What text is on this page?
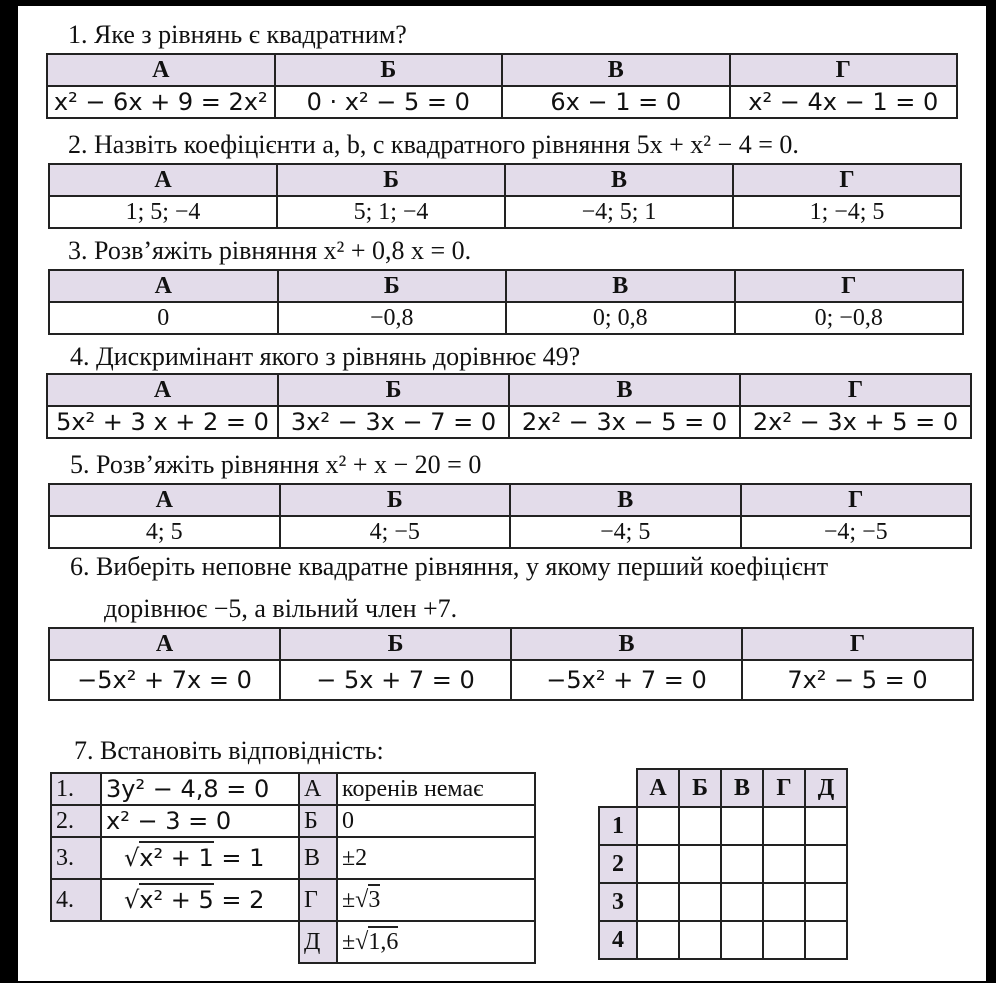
1. Яке з рівнянь є квадратним?
А	Б	В	Г
x² − 6x + 9 = 2x²	0 · x² − 5 = 0	6x − 1 = 0	x² − 4x − 1 = 0
2. Назвіть коефіцієнти a, b, c квадратного рівняння 5x + x² − 4 = 0.
А	Б	В	Г
1; 5; −4	5; 1; −4	−4; 5; 1	1; −4; 5
3. Розв’яжіть рівняння x² + 0,8 x = 0.
А	Б	В	Г
0	−0,8	0; 0,8	0; −0,8
4. Дискримінант якого з рівнянь дорівнює 49?
А	Б	В	Г
5x² + 3 x + 2 = 0	3x² − 3x − 7 = 0	2x² − 3x − 5 = 0	2x² − 3x + 5 = 0
5. Розв’яжіть рівняння x² + x − 20 = 0
А	Б	В	Г
4; 5	4; −5	−4; 5	−4; −5
6. Виберіть неповне квадратне рівняння, у якому перший коефіцієнт
дорівнює −5, а вільний член +7.
А	Б	В	Г
−5x² + 7x = 0	− 5x + 7 = 0	−5x² + 7 = 0	7x² − 5 = 0
7. Встановіть відповідність:
1.	3y² − 4,8 = 0
2.	x² − 3 = 0
3.	√x² + 1 = 1
4.	√x² + 5 = 2
А	коренів немає
Б	0
В	±2
Г	±√3
Д	±√1,6
	А	Б	В	Г	Д
1					
2					
3					
4					
